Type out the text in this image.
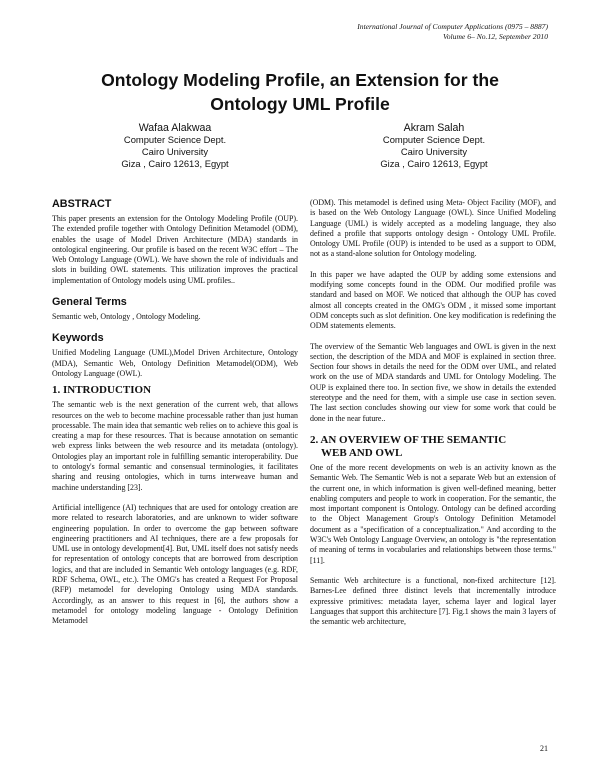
International Journal of Computer Applications (0975 – 8887)
Volume 6– No.12, September 2010
Ontology Modeling Profile, an Extension for the
Ontology UML Profile
Wafaa Alakwaa
Computer Science Dept.
Cairo University
Giza , Cairo 12613, Egypt
Akram Salah
Computer Science Dept.
Cairo University
Giza , Cairo 12613, Egypt
ABSTRACT

This paper presents an extension for the Ontology Modeling Profile (OUP). The extended profile together with Ontology Definition Metamodel (ODM), enables the usage of Model Driven Architecture (MDA) standards in ontological engineering. Our profile is based on the recent W3C effort – The Web Ontology Language (OWL). We have shown the role of individuals and slots in building OWL statements. This utilization improves the practical implementation of Ontology models using UML profiles..

General Terms

Semantic web, Ontology , Ontology Modeling.

Keywords

Unified Modeling Language (UML),Model Driven Architecture, Ontology (MDA), Semantic Web, Ontology Definition Metamodel(ODM), Web Ontology Language (OWL).

1. INTRODUCTION

The semantic web is the next generation of the current web, that allows resources on the web to become machine processable rather than just human processable. The main idea that semantic web relies on to achieve this goal is creating a map for these resources. That is because annotation on semantic web express links between the web resource and its metadata (ontology). Ontologies play an important role in fulfilling semantic interoperability. Due to ontology's formal semantic and consensual terminologies, it facilitates sharing and reusing ontologies, which in turns interweave human and machine understanding [23].

Artificial intelligence (AI) techniques that are used for ontology creation are more related to research laboratories, and are unknown to wider software engineering population. In order to overcome the gap between software engineering practitioners and AI techniques, there are a few proposals for UML use in ontology development[4]. But, UML itself does not satisfy needs for representation of ontology concepts that are borrowed from description logics, and that are included in Semantic Web ontology languages (e.g. RDF, RDF Schema, OWL, etc.). The OMG's has created a Request For Proposal (RFP) metamodel for developing Ontology using MDA standards. Accordingly, as an answer to this request in [6], the authors show a metamodel for ontology modeling language - Ontology Definition Metamodel

(ODM). This metamodel is defined using Meta- Object Facility (MOF), and is based on the Web Ontology Language (OWL). Since Unified Modeling Language (UML) is widely accepted as a modeling language, they also defined a profile that supports ontology design - Ontology UML Profile. Ontology UML Profile (OUP) is intended to be used as a support to ODM, not as a stand-alone solution for Ontology modeling.

In this paper we have adapted the OUP by adding some extensions and modifying some concepts found in the ODM. Our modified profile was standard and based on MOF. We noticed that although the OUP has coved almost all concepts created in the OMG's ODM , it missed some important ODM concepts such as slot definition. One key modification is redefining the ODM statements elements.

The overview of the Semantic Web languages and OWL is given in the next section, the description of the MDA and MOF is explained in section three. Section four shows in details the need for the ODM over UML, and related work on the use of MDA standards and UML for Ontology Modeling. The OUP is explained there too. In section five, we show in details the extended stereotype and the need for them, with a simple use case in section seven. The last section concludes showing our view for some work that could be done in the near future..

2. AN OVERVIEW OF THE SEMANTIC
WEB AND OWL

One of the more recent developments on web is an activity known as the Semantic Web. The Semantic Web is not a separate Web but an extension of the current one, in which information is given well-defined meaning, better enabling computers and people to work in cooperation. For the semantic, the most important component is Ontology. Ontology can be defined according to the Object Management Group's Ontology Definition Metamodel document as a "specification of a conceptualization." And according to the W3C's Web Ontology Language Overview, an ontology is "the representation of meaning of terms in vocabularies and relationships between those terms."[11].

Semantic Web architecture is a functional, non-fixed architecture [12]. Barnes-Lee defined three distinct levels that incrementally introduce expressive primitives: metadata layer, schema layer and logical layer Languages that support this architecture [7]. Fig.1 shows the main 3 layers of the semantic web architecture,

21
